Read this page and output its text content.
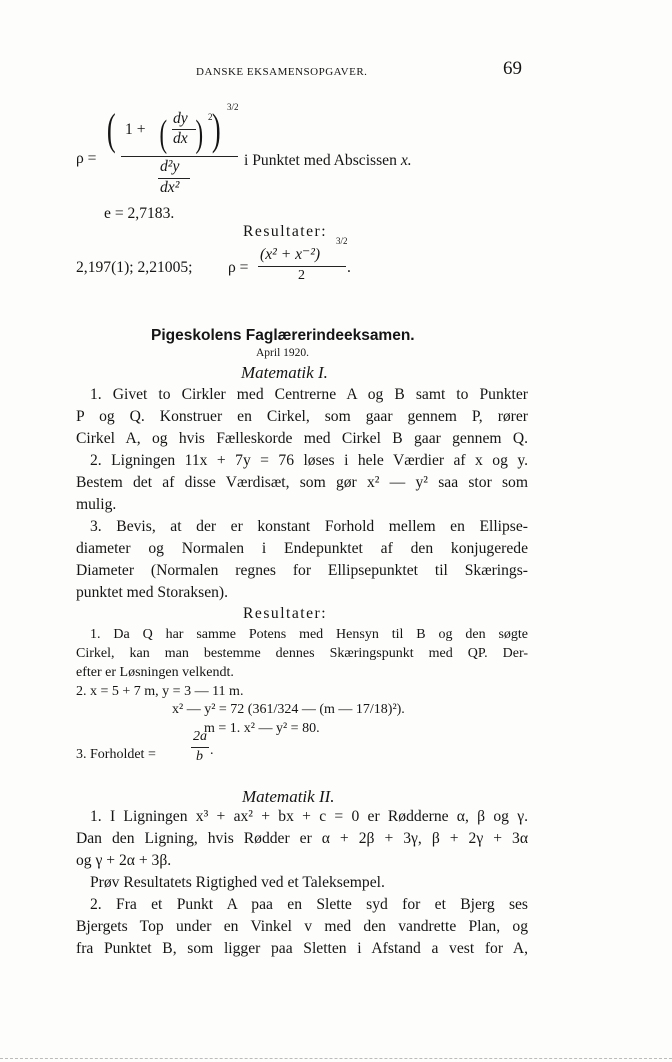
DANSKE EKSAMENSOPGAVER.	69
ρ =
( 1 + ( dy
dx ) 2 ) 3/2
d²y
dx²
i Punktet med Abscissen x.
e = 2,7183.
Resultater:
2,197(1); 2,21005; ρ =
(x² + x⁻²)
3/2
2	.
Pigeskolens Faglærerindeeksamen.
April 1920.
Matematik I.
1. Givet to Cirkler med Centrerne A og B samt to Punkter
P og Q. Konstruer en Cirkel, som gaar gennem P, rører
Cirkel A, og hvis Fælleskorde med Cirkel B gaar gennem Q.
2. Ligningen 11x + 7y = 76 løses i hele Værdier af x og y.
Bestem det af disse Værdisæt, som gør x² — y² saa stor som
mulig.
3. Bevis, at der er konstant Forhold mellem en Ellipse-
diameter og Normalen i Endepunktet af den konjugerede
Diameter (Normalen regnes for Ellipsepunktet til Skærings-
punktet med Storaksen).
Resultater:
1. Da Q har samme Potens med Hensyn til B og den søgte
Cirkel, kan man bestemme dennes Skæringspunkt med QP. Der-
efter er Løsningen velkendt.
2. x = 5 + 7 m, y = 3 — 11 m.
x² — y² = 72 (361/324 — (m — 17/18)²).
m = 1. x² — y² = 80.
3. Forholdet =
2a
b .
Matematik II.
1. I Ligningen x³ + ax² + bx + c = 0 er Rødderne α, β og γ.
Dan den Ligning, hvis Rødder er α + 2β + 3γ, β + 2γ + 3α
og γ + 2α + 3β.
Prøv Resultatets Rigtighed ved et Taleksempel.
2. Fra et Punkt A paa en Slette syd for et Bjerg ses
Bjergets Top under en Vinkel v med den vandrette Plan, og
fra Punktet B, som ligger paa Sletten i Afstand a vest for A,
